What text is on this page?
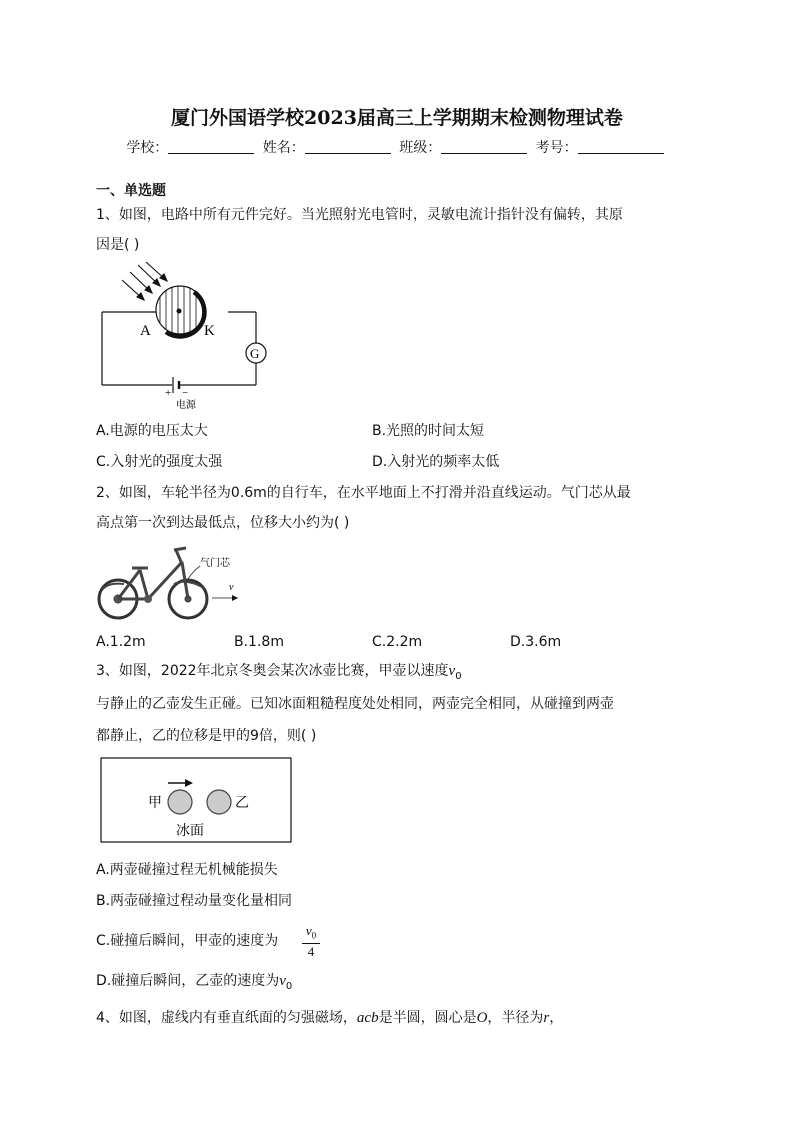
厦门外国语学校2023届高三上学期期末检测物理试卷
学校：	姓名：	班级：	考号：
一、单选题
1、如图，电路中所有元件完好。当光照射光电管时，灵敏电流计指针没有偏转，其原
因是( )
A	K
G
+ −
电源
A.电源的电压太大	B.光照的时间太短
C.入射光的强度太强	D.入射光的频率太低
2、如图，车轮半径为0.6m的自行车，在水平地面上不打滑并沿直线运动。气门芯从最
高点第一次到达最低点，位移大小约为( )
气门芯
v
A.1.2m	B.1.8m	C.2.2m	D.3.6m
3、如图，2022年北京冬奥会某次冰壶比赛，甲壶以速度$v_0$
与静止的乙壶发生正碰。已知冰面粗糙程度处处相同，两壶完全相同，从碰撞到两壶
都静止，乙的位移是甲的9倍，则( )
甲	乙
冰面
A.两壶碰撞过程无机械能损失
B.两壶碰撞过程动量变化量相同
C.碰撞后瞬间，甲壶的速度为
$v_0$
4
D.碰撞后瞬间，乙壶的速度为$v_0$
4、如图，虚线内有垂直纸面的匀强磁场，acb是半圆，圆心是O，半径为r，
